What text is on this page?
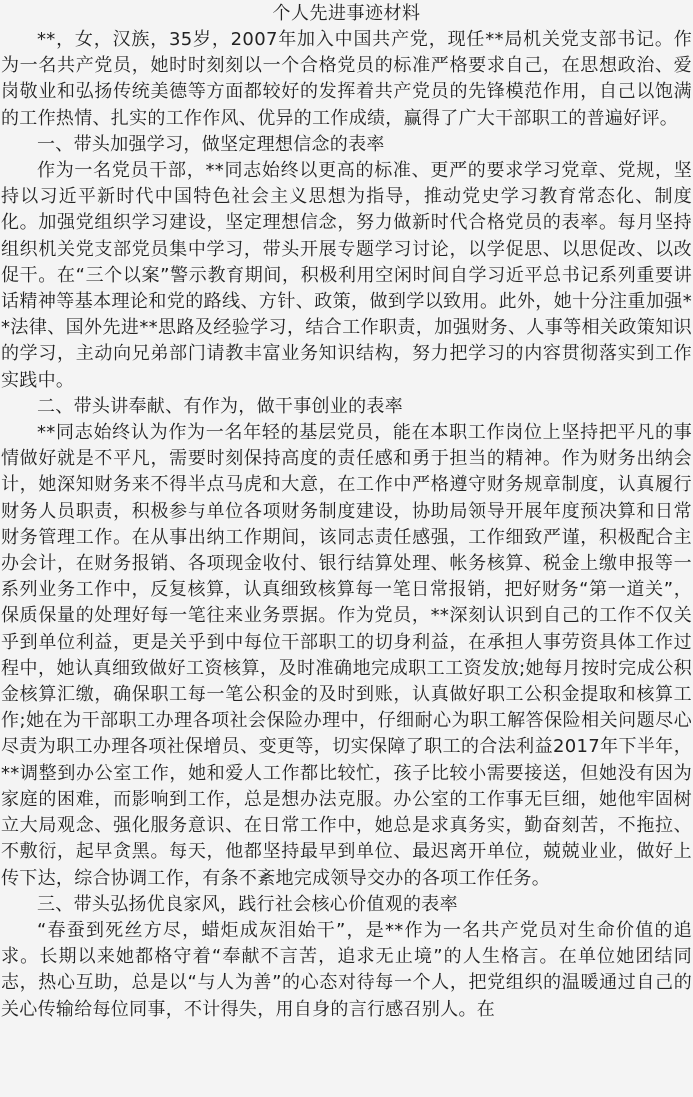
个人先进事迹材料

**，女，汉族，35岁，2007年加入中国共产党，现任**局机关党支部书记。作为一名共产党员，她时时刻刻以一个合格党员的标准严格要求自己，在思想政治、爱岗敬业和弘扬传统美德等方面都较好的发挥着共产党员的先锋模范作用，自己以饱满的工作热情、扎实的工作作风、优异的工作成绩，赢得了广大干部职工的普遍好评。

一、带头加强学习，做坚定理想信念的表率

作为一名党员干部，**同志始终以更高的标准、更严的要求学习党章、党规，坚持以习近平新时代中国特色社会主义思想为指导，推动党史学习教育常态化、制度化。加强党组织学习建设，坚定理想信念，努力做新时代合格党员的表率。每月坚持组织机关党支部党员集中学习，带头开展专题学习讨论，以学促思、以思促改、以改促干。在“三个以案”警示教育期间，积极利用空闲时间自学习近平总书记系列重要讲话精神等基本理论和党的路线、方针、政策，做到学以致用。此外，她十分注重加强**法律、国外先进**思路及经验学习，结合工作职责，加强财务、人事等相关政策知识的学习，主动向兄弟部门请教丰富业务知识结构，努力把学习的内容贯彻落实到工作实践中。

二、带头讲奉献、有作为，做干事创业的表率

**同志始终认为作为一名年轻的基层党员，能在本职工作岗位上坚持把平凡的事情做好就是不平凡，需要时刻保持高度的责任感和勇于担当的精神。作为财务出纳会计，她深知财务来不得半点马虎和大意，在工作中严格遵守财务规章制度，认真履行财务人员职责，积极参与单位各项财务制度建设，协助局领导开展年度预决算和日常财务管理工作。在从事出纳工作期间，该同志责任感强，工作细致严谨，积极配合主办会计，在财务报销、各项现金收付、银行结算处理、帐务核算、税金上缴申报等一系列业务工作中，反复核算，认真细致核算每一笔日常报销，把好财务“第一道关”，保质保量的处理好每一笔往来业务票据。作为党员，**深刻认识到自己的工作不仅关乎到单位利益，更是关乎到中每位干部职工的切身利益，在承担人事劳资具体工作过程中，她认真细致做好工资核算，及时准确地完成职工工资发放;她每月按时完成公积金核算汇缴，确保职工每一笔公积金的及时到账，认真做好职工公积金提取和核算工作;她在为干部职工办理各项社会保险办理中，仔细耐心为职工解答保险相关问题尽心尽责为职工办理各项社保增员、变更等，切实保障了职工的合法利益2017年下半年，**调整到办公室工作，她和爱人工作都比较忙，孩子比较小需要接送，但她没有因为家庭的困难，而影响到工作，总是想办法克服。办公室的工作事无巨细，她他牢固树立大局观念、强化服务意识、在日常工作中，她总是求真务实，勤奋刻苦，不拖拉、不敷衍，起早贪黑。每天，他都坚持最早到单位、最迟离开单位，兢兢业业，做好上传下达，综合协调工作，有条不紊地完成领导交办的各项工作任务。

三、带头弘扬优良家风，践行社会核心价值观的表率

“春蚕到死丝方尽，蜡炬成灰泪始干”，是**作为一名共产党员对生命价值的追求。长期以来她都格守着“奉献不言苦，追求无止境”的人生格言。在单位她团结同志，热心互助，总是以“与人为善”的心态对待每一个人，把党组织的温暖通过自己的关心传输给每位同事，不计得失，用自身的言行感召别人。在
